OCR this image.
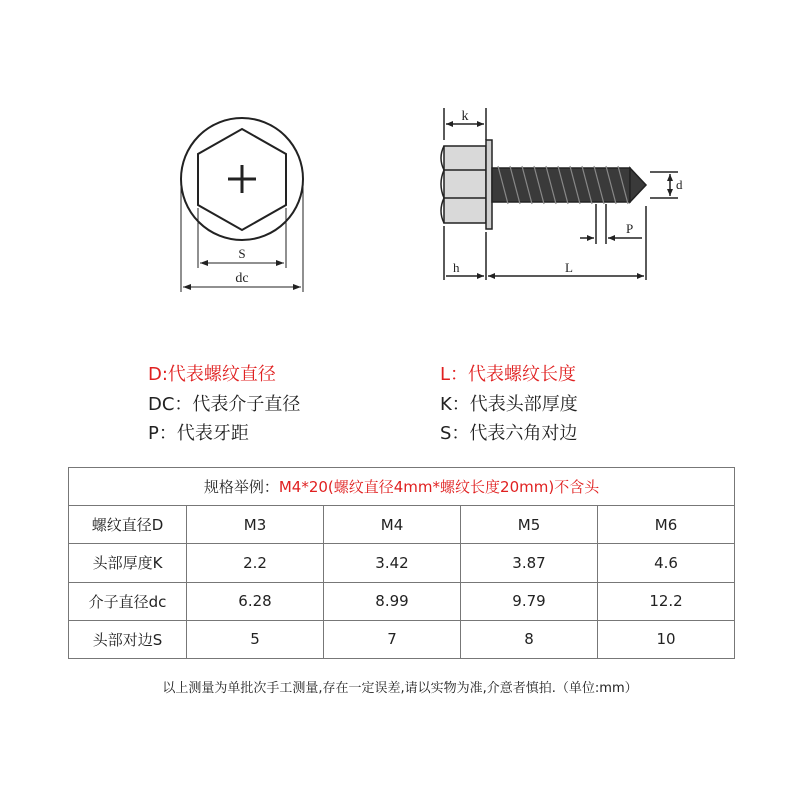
S
dc
k
d
P
h	L
D:代表螺纹直径	L：代表螺纹长度
DC：代表介子直径	K：代表头部厚度
P：代表牙距	S：代表六角对边
规格举例：M4*20(螺纹直径4mm*螺纹长度20mm)不含头				
螺纹直径D	M3	M4	M5	M6
头部厚度K	2.2	3.42	3.87	4.6
介子直径dc	6.28	8.99	9.79	12.2
头部对边S	5	7	8	10
以上测量为单批次手工测量,存在一定误差,请以实物为准,介意者慎拍.（单位:mm）
